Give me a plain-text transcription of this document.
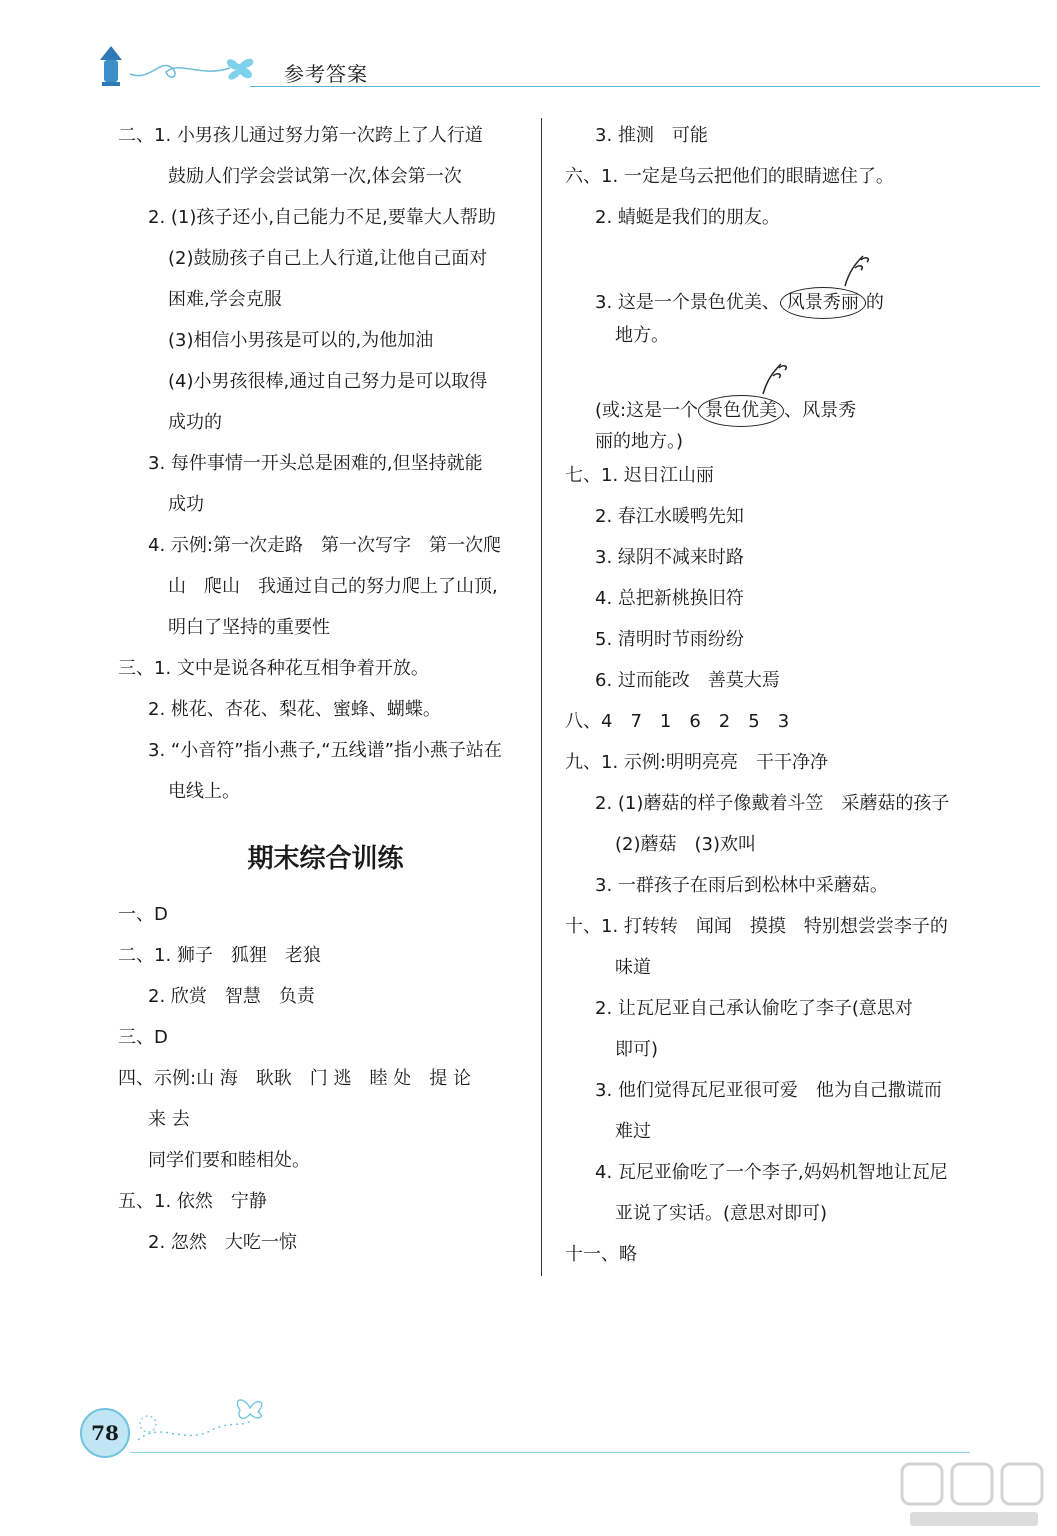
参考答案
二、1. 小男孩儿通过努力第一次跨上了人行道
鼓励人们学会尝试第一次,体会第一次
2. (1)孩子还小,自己能力不足,要靠大人帮助
(2)鼓励孩子自己上人行道,让他自己面对
困难,学会克服
(3)相信小男孩是可以的,为他加油
(4)小男孩很棒,通过自己努力是可以取得
成功的
3. 每件事情一开头总是困难的,但坚持就能
成功
4. 示例:第一次走路　第一次写字　第一次爬
山　爬山　我通过自己的努力爬上了山顶,
明白了坚持的重要性
三、1. 文中是说各种花互相争着开放。
2. 桃花、杏花、梨花、蜜蜂、蝴蝶。
3. “小音符”指小燕子,“五线谱”指小燕子站在
电线上。
期末综合训练
一、D
二、1. 狮子　狐狸　老狼
2. 欣赏　智慧　负责
三、D
四、示例:山 海　耿耿　门 逃　睦 处　提 论
来 去
同学们要和睦相处。
五、1. 依然　宁静
2. 忽然　大吃一惊
3. 推测　可能
六、1. 一定是乌云把他们的眼睛遮住了。
2. 蜻蜓是我们的朋友。
3. 这是一个景色优美、 风景秀丽 的
地方。
(或:这是一个 景色优美 、风景秀
丽的地方。)
七、1. 迟日江山丽
2. 春江水暖鸭先知
3. 绿阴不减来时路
4. 总把新桃换旧符
5. 清明时节雨纷纷
6. 过而能改　善莫大焉
八、4　7　1　6　2　5　3
九、1. 示例:明明亮亮　干干净净
2. (1)蘑菇的样子像戴着斗笠　采蘑菇的孩子
(2)蘑菇　(3)欢叫
3. 一群孩子在雨后到松林中采蘑菇。
十、1. 打转转　闻闻　摸摸　特别想尝尝李子的
味道
2. 让瓦尼亚自己承认偷吃了李子(意思对
即可)
3. 他们觉得瓦尼亚很可爱　他为自己撒谎而
难过
4. 瓦尼亚偷吃了一个李子,妈妈机智地让瓦尼
亚说了实话。(意思对即可)
十一、略
78
